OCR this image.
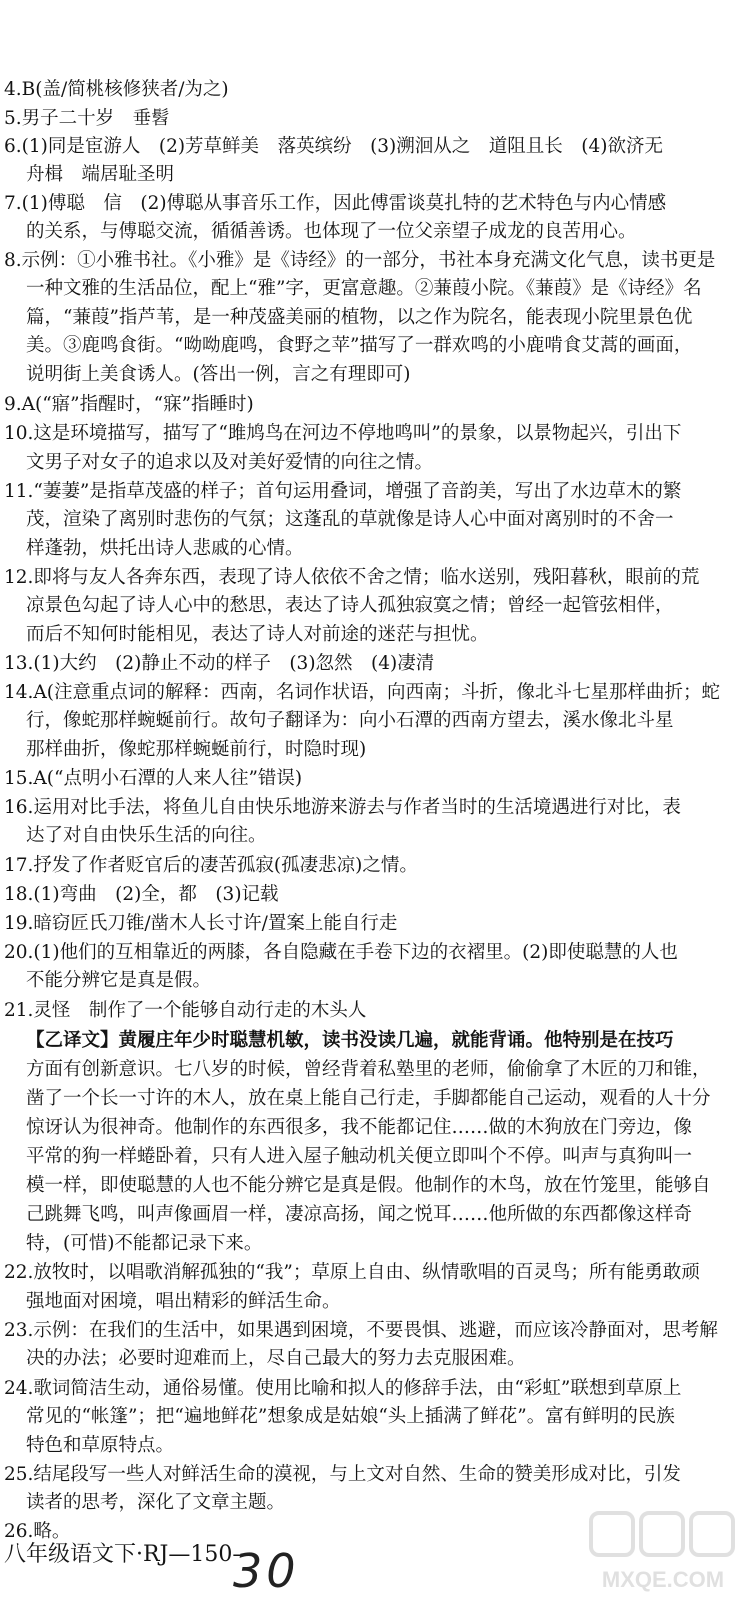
4.B(盖/简桃核修狭者/为之)
5.男子二十岁　垂髫
6.(1)同是宦游人　(2)芳草鲜美　落英缤纷　(3)溯洄从之　道阻且长　(4)欲济无
舟楫　端居耻圣明
7.(1)傅聪　信　(2)傅聪从事音乐工作，因此傅雷谈莫扎特的艺术特色与内心情感
的关系，与傅聪交流，循循善诱。也体现了一位父亲望子成龙的良苦用心。
8.示例：①小雅书社。《小雅》是《诗经》的一部分，书社本身充满文化气息，读书更是
一种文雅的生活品位，配上“雅”字，更富意趣。②蒹葭小院。《蒹葭》是《诗经》名
篇，“蒹葭”指芦苇，是一种茂盛美丽的植物，以之作为院名，能表现小院里景色优
美。③鹿鸣食街。“呦呦鹿鸣，食野之苹”描写了一群欢鸣的小鹿啃食艾蒿的画面，
说明街上美食诱人。(答出一例，言之有理即可)
9.A(“寤”指醒时，“寐”指睡时)
10.这是环境描写，描写了“雎鸠鸟在河边不停地鸣叫”的景象，以景物起兴，引出下
文男子对女子的追求以及对美好爱情的向往之情。
11.“萋萋”是指草茂盛的样子；首句运用叠词，增强了音韵美，写出了水边草木的繁
茂，渲染了离别时悲伤的气氛；这蓬乱的草就像是诗人心中面对离别时的不舍一
样蓬勃，烘托出诗人悲戚的心情。
12.即将与友人各奔东西，表现了诗人依依不舍之情；临水送别，残阳暮秋，眼前的荒
凉景色勾起了诗人心中的愁思，表达了诗人孤独寂寞之情；曾经一起管弦相伴，
而后不知何时能相见，表达了诗人对前途的迷茫与担忧。
13.(1)大约　(2)静止不动的样子　(3)忽然　(4)凄清
14.A(注意重点词的解释：西南，名词作状语，向西南；斗折，像北斗七星那样曲折；蛇
行，像蛇那样蜿蜒前行。故句子翻译为：向小石潭的西南方望去，溪水像北斗星
那样曲折，像蛇那样蜿蜒前行，时隐时现)
15.A(“点明小石潭的人来人往”错误)
16.运用对比手法，将鱼儿自由快乐地游来游去与作者当时的生活境遇进行对比，表
达了对自由快乐生活的向往。
17.抒发了作者贬官后的凄苦孤寂(孤凄悲凉)之情。
18.(1)弯曲　(2)全，都　(3)记载
19.暗窃匠氏刀锥/凿木人长寸许/置案上能自行走
20.(1)他们的互相靠近的两膝，各自隐藏在手卷下边的衣褶里。(2)即使聪慧的人也
不能分辨它是真是假。
21.灵怪　制作了一个能够自动行走的木头人
【乙译文】黄履庄年少时聪慧机敏，读书没读几遍，就能背诵。他特别是在技巧
方面有创新意识。七八岁的时候，曾经背着私塾里的老师，偷偷拿了木匠的刀和锥，
凿了一个长一寸许的木人，放在桌上能自己行走，手脚都能自己运动，观看的人十分
惊讶认为很神奇。他制作的东西很多，我不能都记住……做的木狗放在门旁边，像
平常的狗一样蜷卧着，只有人进入屋子触动机关便立即叫个不停。叫声与真狗叫一
模一样，即使聪慧的人也不能分辨它是真是假。他制作的木鸟，放在竹笼里，能够自
己跳舞飞鸣，叫声像画眉一样，凄凉高扬，闻之悦耳……他所做的东西都像这样奇
特，(可惜)不能都记录下来。
22.放牧时，以唱歌消解孤独的“我”；草原上自由、纵情歌唱的百灵鸟；所有能勇敢顽
强地面对困境，唱出精彩的鲜活生命。
23.示例：在我们的生活中，如果遇到困境，不要畏惧、逃避，而应该冷静面对，思考解
决的办法；必要时迎难而上，尽自己最大的努力去克服困难。
24.歌词简洁生动，通俗易懂。使用比喻和拟人的修辞手法，由“彩虹”联想到草原上
常见的“帐篷”；把“遍地鲜花”想象成是姑娘“头上插满了鲜花”。富有鲜明的民族
特色和草原特点。
25.结尾段写一些人对鲜活生命的漠视，与上文对自然、生命的赞美形成对比，引发
读者的思考，深化了文章主题。
26.略。
八年级语文下·RJ—150—
30	MXQE.COM
